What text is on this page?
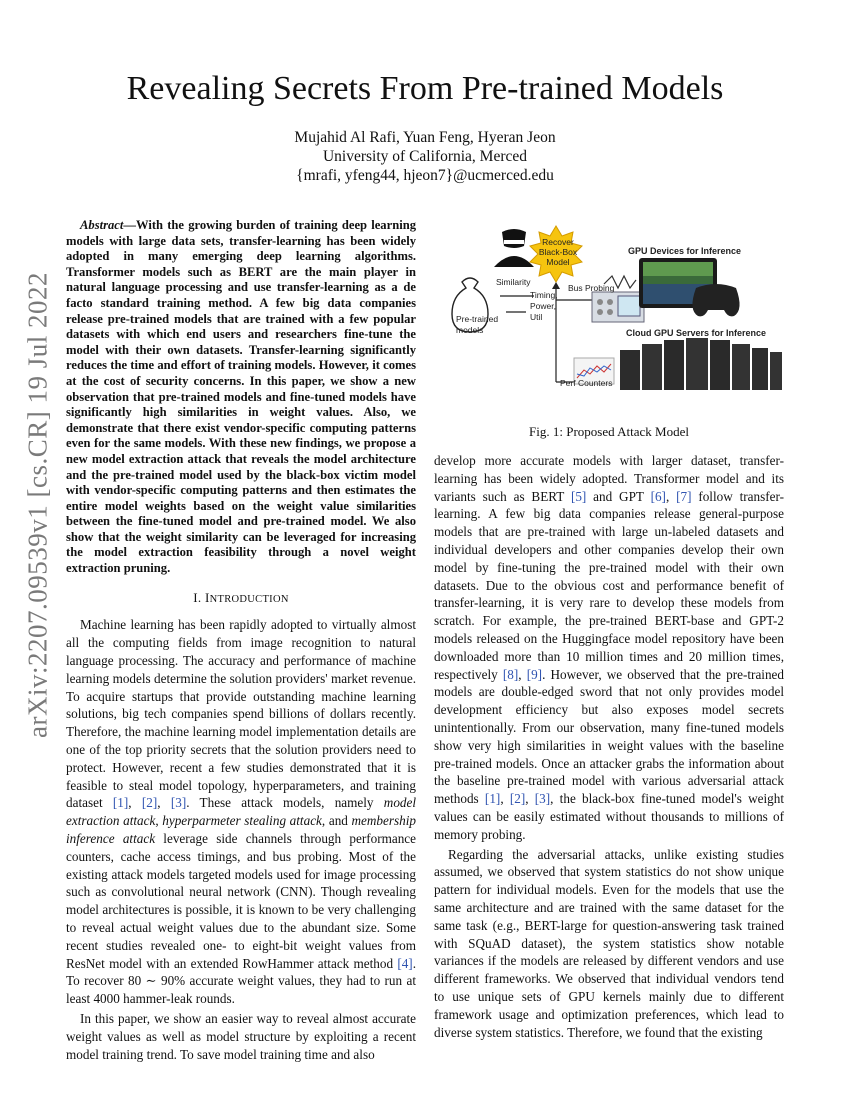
arXiv:2207.09539v1 [cs.CR] 19 Jul 2022
Revealing Secrets From Pre-trained Models
Mujahid Al Rafi, Yuan Feng, Hyeran Jeon
University of California, Merced
{mrafi, yfeng44, hjeon7}@ucmerced.edu

Abstract—With the growing burden of training deep learning models with large data sets, transfer-learning has been widely adopted in many emerging deep learning algorithms. Transformer models such as BERT are the main player in natural language processing and use transfer-learning as a de facto standard training method. A few big data companies release pre-trained models that are trained with a few popular datasets with which end users and researchers fine-tune the model with their own datasets. Transfer-learning significantly reduces the time and effort of training models. However, it comes at the cost of security concerns. In this paper, we show a new observation that pre-trained models and fine-tuned models have significantly high similarities in weight values. Also, we demonstrate that there exist vendor-specific computing patterns even for the same models. With these new findings, we propose a new model extraction attack that reveals the model architecture and the pre-trained model used by the black-box victim model with vendor-specific computing patterns and then estimates the entire model weights based on the weight value similarities between the fine-tuned model and pre-trained model. We also show that the weight similarity can be leveraged for increasing the model extraction feasibility through a novel weight extraction pruning.

I. INTRODUCTION

Machine learning has been rapidly adopted to virtually almost all the computing fields from image recognition to natural language processing. The accuracy and performance of machine learning models determine the solution providers' market revenue. To acquire startups that provide outstanding machine learning solutions, big tech companies spend billions of dollars recently. Therefore, the machine learning model implementation details are one of the top priority secrets that the solution providers need to protect. However, recent a few studies demonstrated that it is feasible to steal model topology, hyperparameters, and training dataset [1], [2], [3]. These attack models, namely model extraction attack, hyperparmeter stealing attack, and membership inference attack leverage side channels through performance counters, cache access timings, and bus probing. Most of the existing attack models targeted models used for image processing such as convolutional neural network (CNN). Though revealing model architectures is possible, it is known to be very challenging to reveal actual weight values due to the abundant size. Some recent studies revealed one- to eight-bit weight values from ResNet model with an extended RowHammer attack method [4]. To recover 80 ∼ 90% accurate weight values, they had to run at least 4000 hammer-leak rounds.

In this paper, we show an easier way to reveal almost accurate weight values as well as model structure by exploiting a recent model training trend. To save model training time and also

Recover
Black-Box
Model
Similarity
Pre-trained
models
Timing,
Power,
Util
Bus Probing
GPU Devices for Inference
Cloud GPU Servers for Inference
Perf Counters
Fig. 1: Proposed Attack Model

develop more accurate models with larger dataset, transfer-learning has been widely adopted. Transformer model and its variants such as BERT [5] and GPT [6], [7] follow transfer-learning. A few big data companies release general-purpose models that are pre-trained with large un-labeled datasets and individual developers and other companies develop their own model by fine-tuning the pre-trained model with their own datasets. Due to the obvious cost and performance benefit of transfer-learning, it is very rare to develop these models from scratch. For example, the pre-trained BERT-base and GPT-2 models released on the Huggingface model repository have been downloaded more than 10 million times and 20 million times, respectively [8], [9]. However, we observed that the pre-trained models are double-edged sword that not only provides model development efficiency but also exposes model secrets unintentionally. From our observation, many fine-tuned models show very high similarities in weight values with the baseline pre-trained models. Once an attacker grabs the information about the baseline pre-trained model with various adversarial attack methods [1], [2], [3], the black-box fine-tuned model's weight values can be easily estimated without thousands to millions of memory probing.

Regarding the adversarial attacks, unlike existing studies assumed, we observed that system statistics do not show unique pattern for individual models. Even for the models that use the same architecture and are trained with the same dataset for the same task (e.g., BERT-large for question-answering task trained with SQuAD dataset), the system statistics show notable variances if the models are released by different vendors and use different frameworks. We observed that individual vendors tend to use unique sets of GPU kernels mainly due to different framework usage and optimization preferences, which lead to diverse system statistics. Therefore, we found that the existing
